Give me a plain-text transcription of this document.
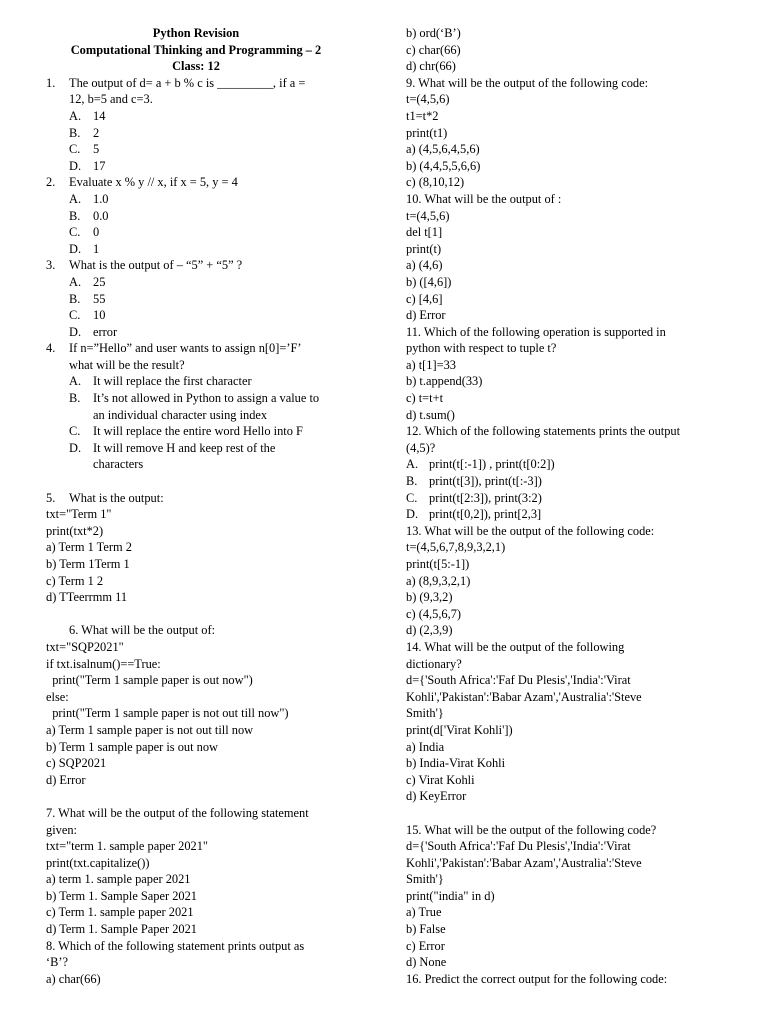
Python Revision
Computational Thinking and Programming – 2
Class: 12
1.	The output of d= a + b % c is _________, if a =
12, b=5 and c=3.
A. 14
B.	2
C.	5
D. 17
2.	Evaluate x % y // x, if x = 5, y = 4
A. 1.0
B.	0.0
C.	0
D. 1
3.	What is the output of – “5” + “5” ?
A. 25
B.	55
C.	10
D. error
4.	If n=”Hello” and user wants to assign n[0]=’F’
what will be the result?
A. It will replace the first character
B.	It’s not allowed in Python to assign a value to
an individual character using index
C.	It will replace the entire word Hello into F
D. It will remove H and keep rest of the
characters
5.	What is the output:
txt="Term 1"
print(txt*2)
a) Term 1 Term 2
b) Term 1Term 1
c) Term 1 2
d) TTeerrmm 11
6. What will be the output of:
txt="SQP2021"
if txt.isalnum()==True:
print("Term 1 sample paper is out now")
else:
print("Term 1 sample paper is not out till now")
a) Term 1 sample paper is not out till now
b) Term 1 sample paper is out now
c) SQP2021
d) Error
7. What will be the output of the following statement
given:
txt="term 1. sample paper 2021"
print(txt.capitalize())
a) term 1. sample paper 2021
b) Term 1. Sample Saper 2021
c) Term 1. sample paper 2021
d) Term 1. Sample Paper 2021
8. Which of the following statement prints output as
‘B’?
a) char(66)
b) ord(‘B’)
c) char(66)
d) chr(66)
9. What will be the output of the following code:
t=(4,5,6)
t1=t*2
print(t1)
a) (4,5,6,4,5,6)
b) (4,4,5,5,6,6)
c) (8,10,12)
10. What will be the output of :
t=(4,5,6)
del t[1]
print(t)
a) (4,6)
b) ([4,6])
c) [4,6]
d) Error
11. Which of the following operation is supported in
python with respect to tuple t?
a) t[1]=33
b) t.append(33)
c) t=t+t
d) t.sum()
12. Which of the following statements prints the output
(4,5)?
A. print(t[:-1]) , print(t[0:2])
B. print(t[3]), print(t[:-3])
C. print(t[2:3]), print(3:2)
D. print(t[0,2]), print[2,3]
13. What will be the output of the following code:
t=(4,5,6,7,8,9,3,2,1)
print(t[5:-1])
a) (8,9,3,2,1)
b) (9,3,2)
c) (4,5,6,7)
d) (2,3,9)
14. What will be the output of the following
dictionary?
d={'South Africa':'Faf Du Plesis','India':'Virat
Kohli','Pakistan':'Babar Azam','Australia':'Steve
Smith'}
print(d['Virat Kohli'])
a) India
b) India-Virat Kohli
c) Virat Kohli
d) KeyError
15. What will be the output of the following code?
d={'South Africa':'Faf Du Plesis','India':'Virat
Kohli','Pakistan':'Babar Azam','Australia':'Steve
Smith'}
print("india" in d)
a) True
b) False
c) Error
d) None
16. Predict the correct output for the following code:
